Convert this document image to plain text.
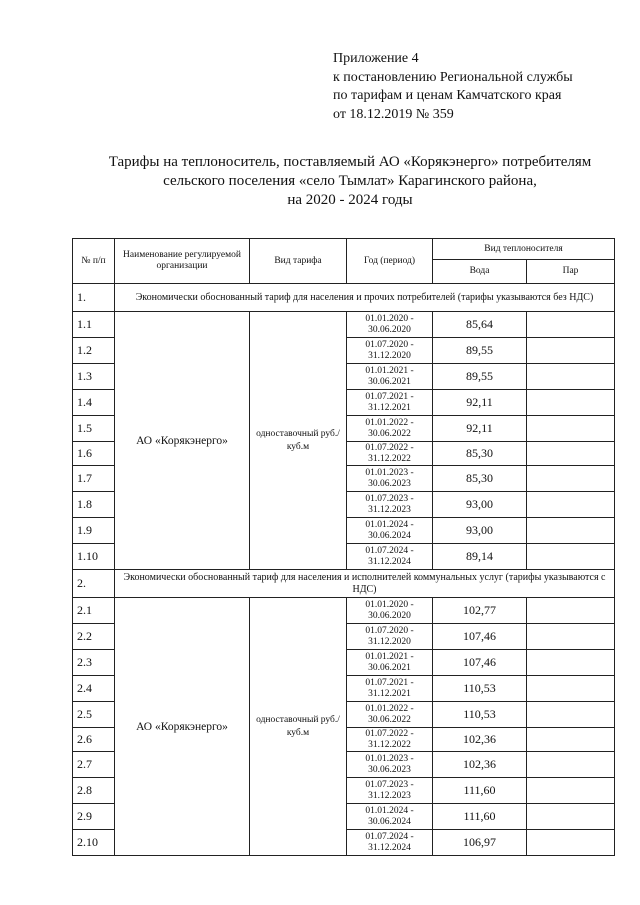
Приложение 4
к постановлению Региональной службы
по тарифам и ценам Камчатского края
от 18.12.2019 № 359
Тарифы на теплоноситель, поставляемый АО «Корякэнерго» потребителям
сельского поселения «село Тымлат» Карагинского района,
на 2020 - 2024 годы
№ п/п	Наименование регулируемой организации	Вид тарифа	Год (период)	Вид теплоносителя	
				Вода	Пар
1.	Экономически обоснованный тариф для населения и прочих потребителей (тарифы указываются без НДС)				
1.1	АО «Корякэнерго»	одноставочный руб./куб.м	01.01.2020 - 30.06.2020	85,64	
1.2			01.07.2020 - 31.12.2020	89,55	
1.3			01.01.2021 - 30.06.2021	89,55	
1.4			01.07.2021 - 31.12.2021	92,11	
1.5			01.01.2022 - 30.06.2022	92,11	
1.6			01.07.2022 - 31.12.2022	85,30	
1.7			01.01.2023 - 30.06.2023	85,30	
1.8			01.07.2023 - 31.12.2023	93,00	
1.9			01.01.2024 - 30.06.2024	93,00	
1.10			01.07.2024 - 31.12.2024	89,14	
2.	Экономически обоснованный тариф для населения и исполнителей коммунальных услуг (тарифы указываются с НДС)				
2.1	АО «Корякэнерго»	одноставочный руб./куб.м	01.01.2020 - 30.06.2020	102,77	
2.2			01.07.2020 - 31.12.2020	107,46	
2.3			01.01.2021 - 30.06.2021	107,46	
2.4			01.07.2021 - 31.12.2021	110,53	
2.5			01.01.2022 - 30.06.2022	110,53	
2.6			01.07.2022 - 31.12.2022	102,36	
2.7			01.01.2023 - 30.06.2023	102,36	
2.8			01.07.2023 - 31.12.2023	111,60	
2.9			01.01.2024 - 30.06.2024	111,60	
2.10			01.07.2024 - 31.12.2024	106,97	
